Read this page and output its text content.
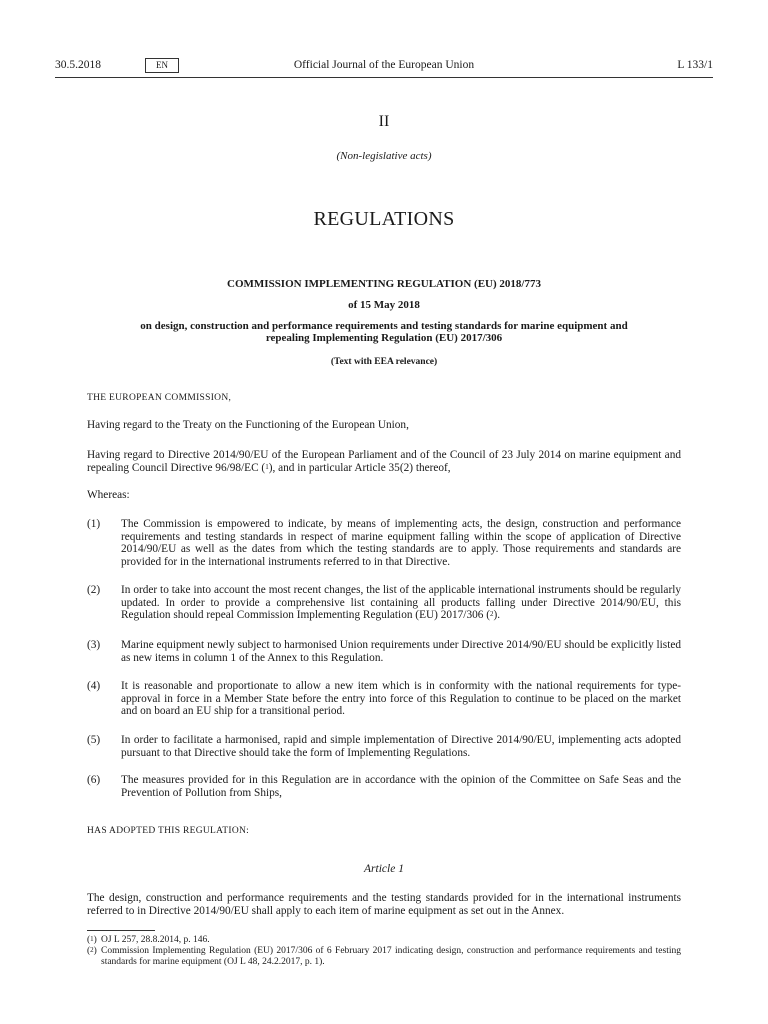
30.5.2018	EN	Official Journal of the European Union	L 133/1
II
(Non-legislative acts)
REGULATIONS
COMMISSION IMPLEMENTING REGULATION (EU) 2018/773
of 15 May 2018
on design, construction and performance requirements and testing standards for marine equipment and repealing Implementing Regulation (EU) 2017/306
(Text with EEA relevance)
THE EUROPEAN COMMISSION,
Having regard to the Treaty on the Functioning of the European Union,
Having regard to Directive 2014/90/EU of the European Parliament and of the Council of 23 July 2014 on marine equipment and repealing Council Directive 96/98/EC ($^1$), and in particular Article 35(2) thereof,
Whereas:
(1) The Commission is empowered to indicate, by means of implementing acts, the design, construction and performance requirements and testing standards in respect of marine equipment falling within the scope of application of Directive 2014/90/EU as well as the dates from which the testing standards are to apply. Those requirements and standards are provided for in the international instruments referred to in that Directive.
(2) In order to take into account the most recent changes, the list of the applicable international instruments should be regularly updated. In order to provide a comprehensive list containing all products falling under Directive 2014/90/EU, this Regulation should repeal Commission Implementing Regulation (EU) 2017/306 ($^2$).
(3) Marine equipment newly subject to harmonised Union requirements under Directive 2014/90/EU should be explicitly listed as new items in column 1 of the Annex to this Regulation.
(4) It is reasonable and proportionate to allow a new item which is in conformity with the national requirements for type-approval in force in a Member State before the entry into force of this Regulation to continue to be placed on the market and on board an EU ship for a transitional period.
(5) In order to facilitate a harmonised, rapid and simple implementation of Directive 2014/90/EU, implementing acts adopted pursuant to that Directive should take the form of Implementing Regulations.
(6) The measures provided for in this Regulation are in accordance with the opinion of the Committee on Safe Seas and the Prevention of Pollution from Ships,
HAS ADOPTED THIS REGULATION:
Article 1
The design, construction and performance requirements and the testing standards provided for in the international instruments referred to in Directive 2014/90/EU shall apply to each item of marine equipment as set out in the Annex.
($^1$) OJ L 257, 28.8.2014, p. 146.
($^2$) Commission Implementing Regulation (EU) 2017/306 of 6 February 2017 indicating design, construction and performance requirements and testing standards for marine equipment (OJ L 48, 24.2.2017, p. 1).
